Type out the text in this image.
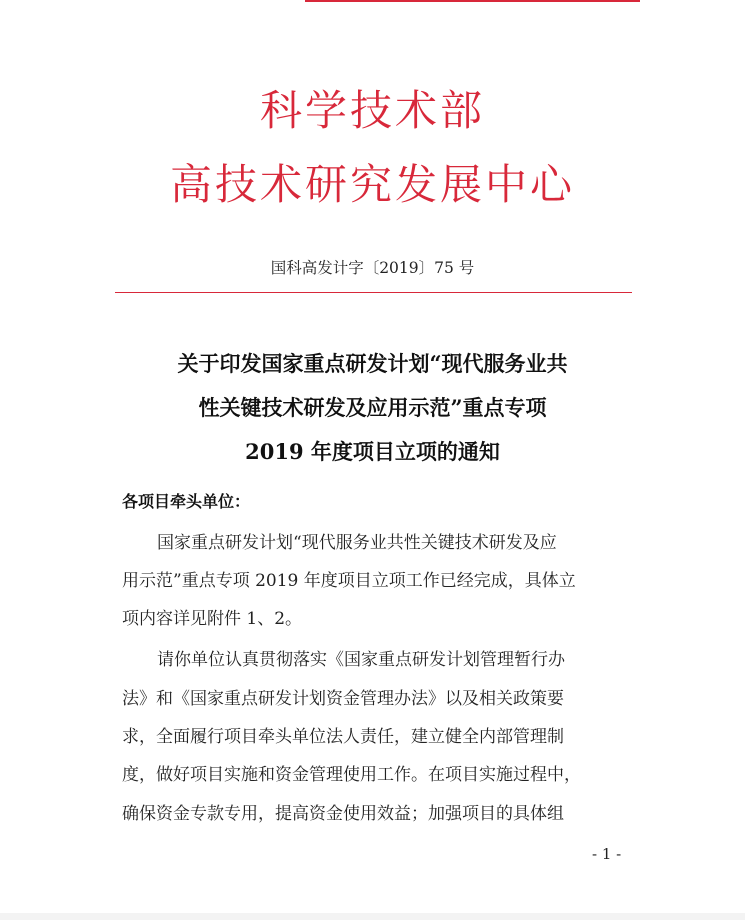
科学技术部
高技术研究发展中心
国科高发计字〔2019〕75 号
关于印发国家重点研发计划“现代服务业共
性关键技术研发及应用示范”重点专项
2019 年度项目立项的通知
各项目牵头单位：
国家重点研发计划“现代服务业共性关键技术研发及应
用示范”重点专项 2019 年度项目立项工作已经完成，具体立
项内容详见附件 1、2。
请你单位认真贯彻落实《国家重点研发计划管理暂行办
法》和《国家重点研发计划资金管理办法》以及相关政策要
求，全面履行项目牵头单位法人责任，建立健全内部管理制
度，做好项目实施和资金管理使用工作。在项目实施过程中，
确保资金专款专用，提高资金使用效益；加强项目的具体组
- 1 -
